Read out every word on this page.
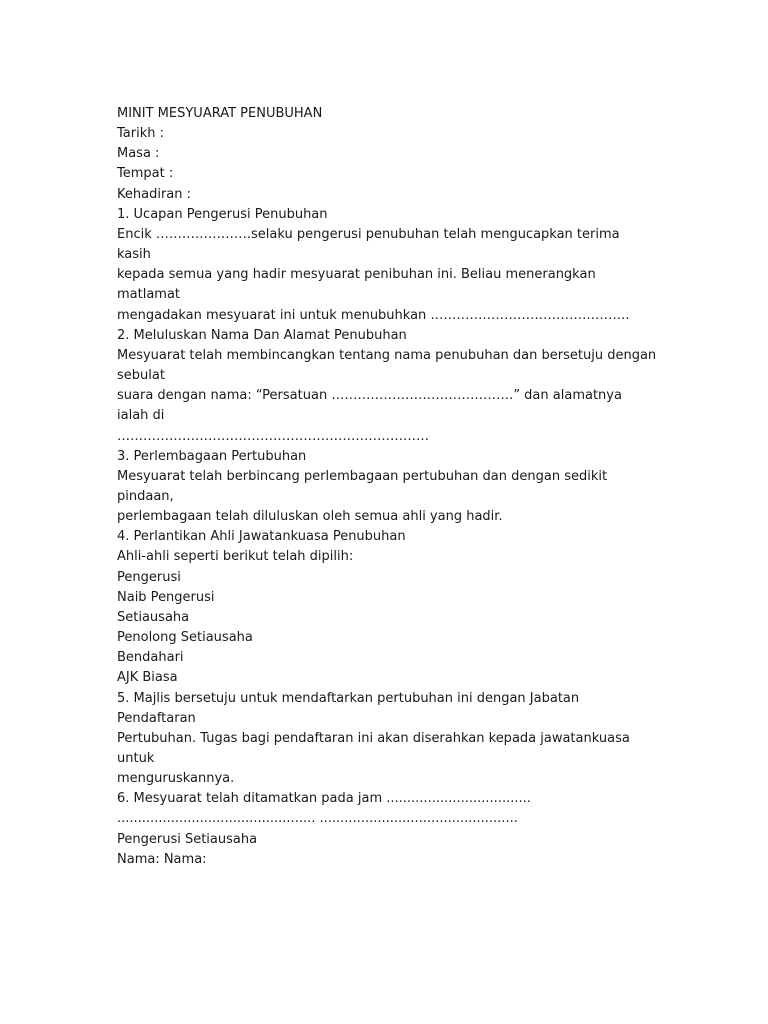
MINIT MESYUARAT PENUBUHAN
Tarikh :
Masa :
Tempat :
Kehadiran :
1. Ucapan Pengerusi Penubuhan
Encik ………………….selaku pengerusi penubuhan telah mengucapkan terima
kasih
kepada semua yang hadir mesyuarat penibuhan ini. Beliau menerangkan
matlamat
mengadakan mesyuarat ini untuk menubuhkan ……………………………………….
2. Meluluskan Nama Dan Alamat Penubuhan
Mesyuarat telah membincangkan tentang nama penubuhan dan bersetuju dengan
sebulat
suara dengan nama: “Persatuan ……………………………………” dan alamatnya
ialah di
………………………………………………………………
3. Perlembagaan Pertubuhan
Mesyuarat telah berbincang perlembagaan pertubuhan dan dengan sedikit
pindaan,
perlembagaan telah diluluskan oleh semua ahli yang hadir.
4. Perlantikan Ahli Jawatankuasa Penubuhan
Ahli-ahli seperti berikut telah dipilih:
Pengerusi
Naib Pengerusi
Setiausaha
Penolong Setiausaha
Bendahari
AJK Biasa
5. Majlis bersetuju untuk mendaftarkan pertubuhan ini dengan Jabatan
Pendaftaran
Pertubuhan. Tugas bagi pendaftaran ini akan diserahkan kepada jawatankuasa
untuk
menguruskannya.
6. Mesyuarat telah ditamatkan pada jam ...................................
................................................ ................................................
Pengerusi Setiausaha
Nama: Nama:
